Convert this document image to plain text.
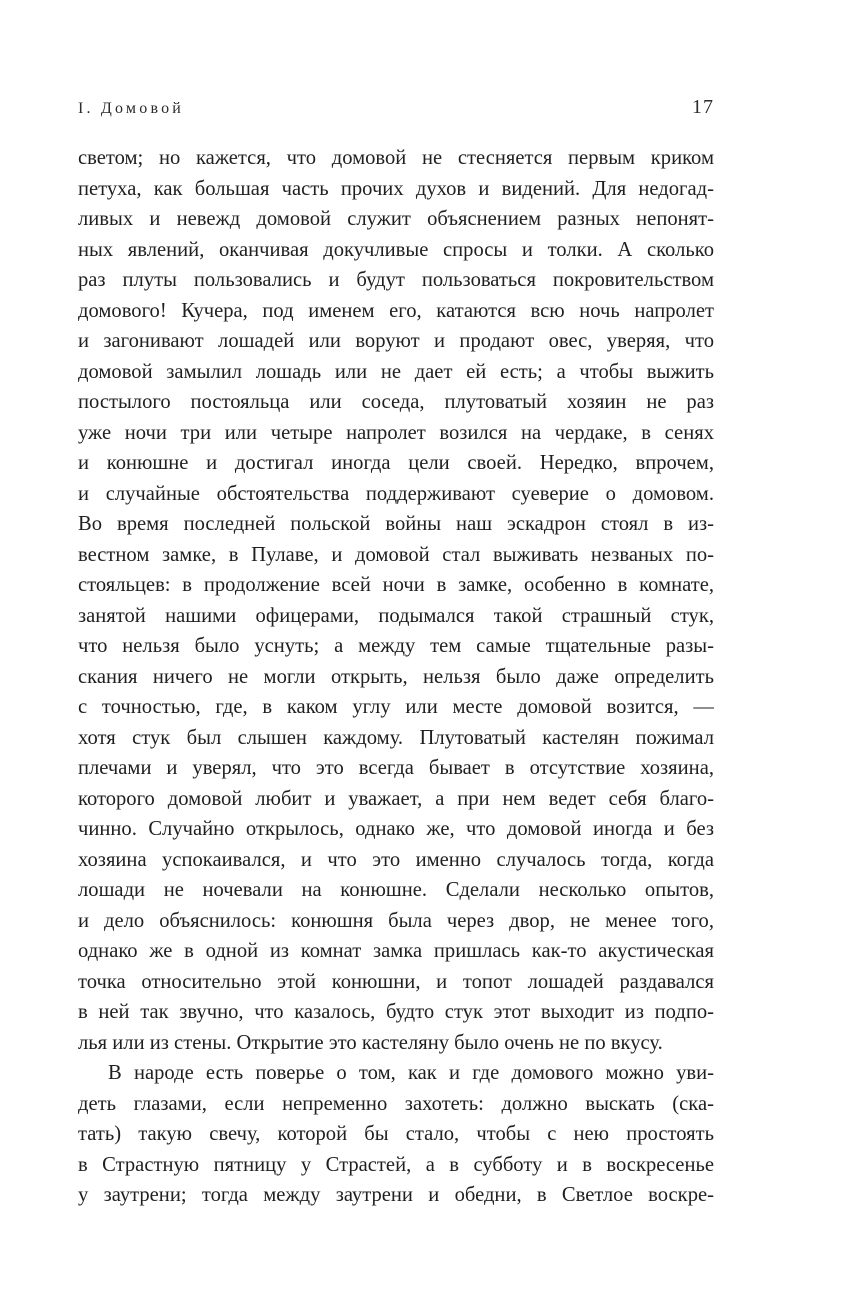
I. Домовой	17
светом; но кажется, что домовой не стесняется первым криком
петуха, как большая часть прочих духов и видений. Для недогад-
ливых и невежд домовой служит объяснением разных непонят-
ных явлений, оканчивая докучливые спросы и толки. А сколько
раз плуты пользовались и будут пользоваться покровительством
домового! Кучера, под именем его, катаются всю ночь напролет
и загонивают лошадей или воруют и продают овес, уверяя, что
домовой замылил лошадь или не дает ей есть; а чтобы выжить
постылого постояльца или соседа, плутоватый хозяин не раз
уже ночи три или четыре напролет возился на чердаке, в сенях
и конюшне и достигал иногда цели своей. Нередко, впрочем,
и случайные обстоятельства поддерживают суеверие о домовом.
Во время последней польской войны наш эскадрон стоял в из-
вестном замке, в Пулаве, и домовой стал выживать незваных по-
стояльцев: в продолжение всей ночи в замке, особенно в комнате,
занятой нашими офицерами, подымался такой страшный стук,
что нельзя было уснуть; а между тем самые тщательные разы-
скания ничего не могли открыть, нельзя было даже определить
с точностью, где, в каком углу или месте домовой возится, —
хотя стук был слышен каждому. Плутоватый кастелян пожимал
плечами и уверял, что это всегда бывает в отсутствие хозяина,
которого домовой любит и уважает, а при нем ведет себя благо-
чинно. Случайно открылось, однако же, что домовой иногда и без
хозяина успокаивался, и что это именно случалось тогда, когда
лошади не ночевали на конюшне. Сделали несколько опытов,
и дело объяснилось: конюшня была через двор, не менее того,
однако же в одной из комнат замка пришлась как-то акустическая
точка относительно этой конюшни, и топот лошадей раздавался
в ней так звучно, что казалось, будто стук этот выходит из подпо-
лья или из стены. Открытие это кастеляну было очень не по вкусу.
В народе есть поверье о том, как и где домового можно уви-
деть глазами, если непременно захотеть: должно выскать (ска-
тать) такую свечу, которой бы стало, чтобы с нею простоять
в Страстную пятницу у Страстей, а в субботу и в воскресенье
у заутрени; тогда между заутрени и обедни, в Светлое воскре-
